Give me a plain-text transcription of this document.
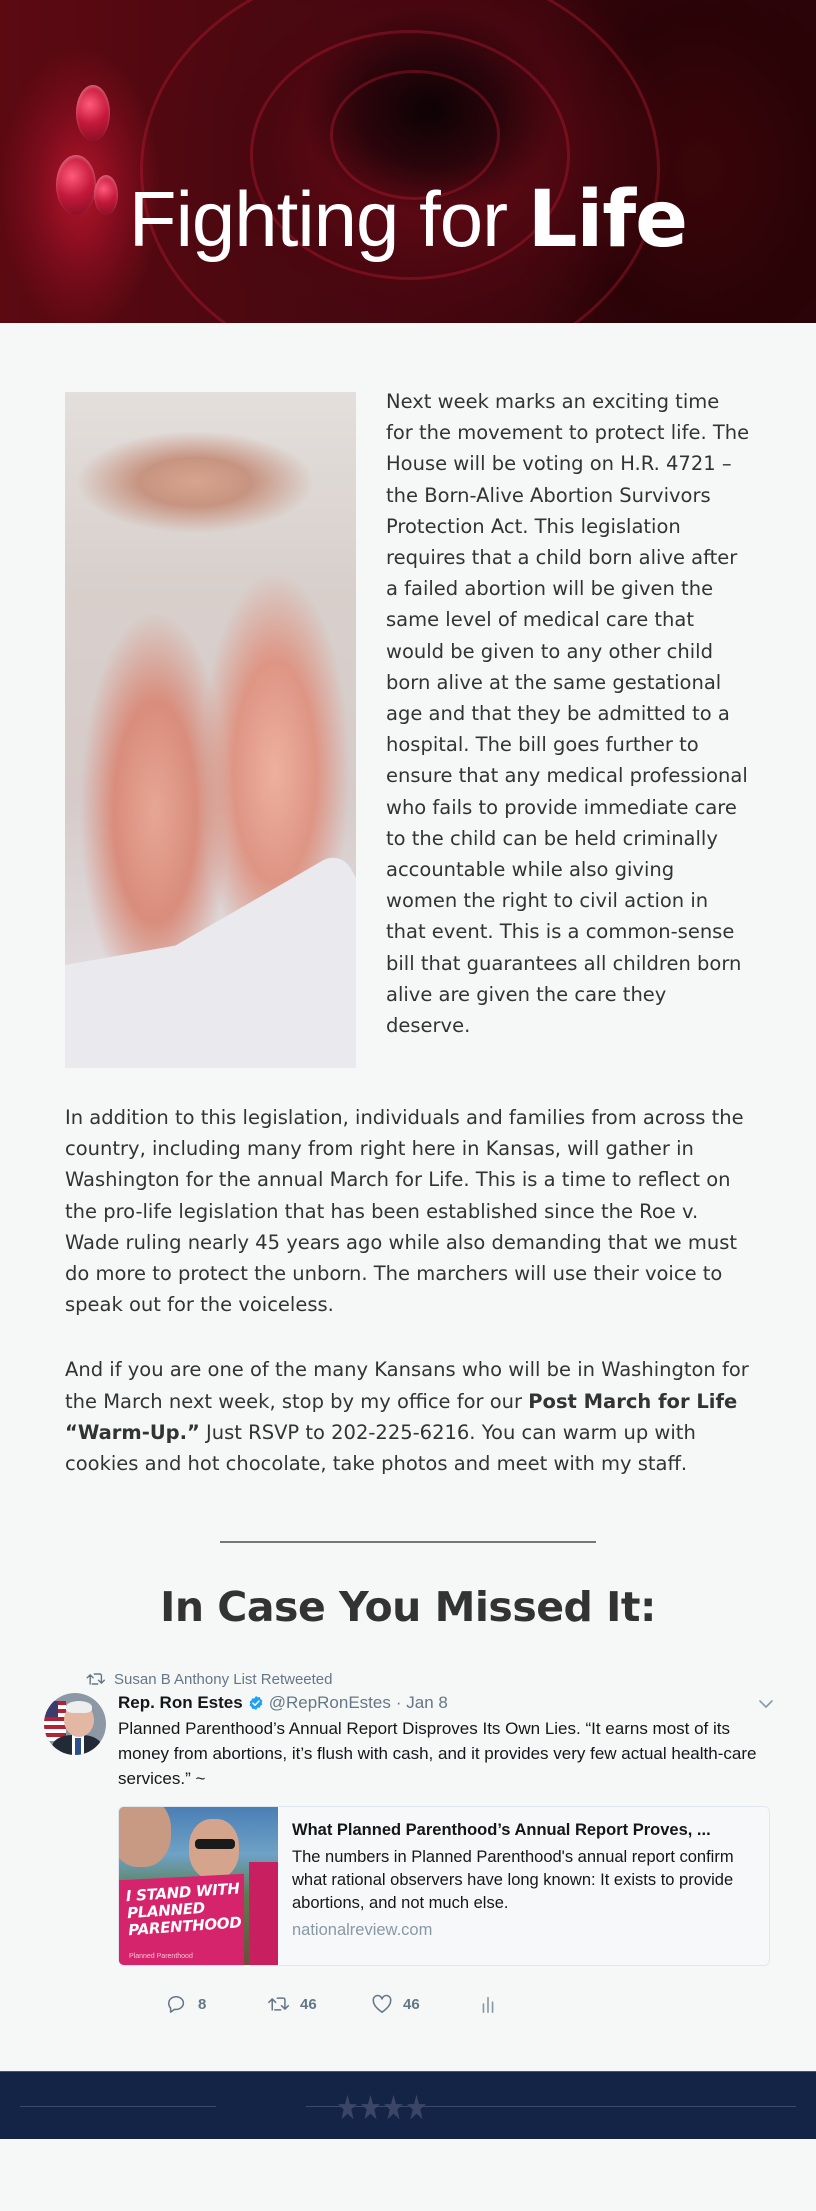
Fighting for Life

Next week marks an exciting time for the movement to protect life. The House will be voting on H.R. 4721 – the Born-Alive Abortion Survivors Protection Act. This legislation requires that a child born alive after a failed abortion will be given the same level of medical care that would be given to any other child born alive at the same gestational age and that they be admitted to a hospital. The bill goes further to ensure that any medical professional who fails to provide immediate care to the child can be held criminally accountable while also giving women the right to civil action in that event. This is a common-sense bill that guarantees all children born alive are given the care they deserve.

In addition to this legislation, individuals and families from across the country, including many from right here in Kansas, will gather in Washington for the annual March for Life. This is a time to reflect on the pro-life legislation that has been established since the Roe v. Wade ruling nearly 45 years ago while also demanding that we must do more to protect the unborn. The marchers will use their voice to speak out for the voiceless.

And if you are one of the many Kansans who will be in Washington for the March next week, stop by my office for our Post March for Life “Warm-Up.” Just RSVP to 202-225-6216. You can warm up with cookies and hot chocolate, take photos and meet with my staff.

In Case You Missed It:
Susan B Anthony List Retweeted
Rep. Ron Estes @RepRonEstes · Jan 8

Planned Parenthood’s Annual Report Disproves Its Own Lies. “It earns most of its money from abortions, it’s flush with cash, and it provides very few actual health-care services.” ~

I STAND WITH PLANNED PARENTHOOD
Planned Parenthood
What Planned Parenthood’s Annual Report Proves, ...
The numbers in Planned Parenthood's annual report confirm what rational observers have long known: It exists to provide abortions, and not much else.
nationalreview.com
8	46	46
